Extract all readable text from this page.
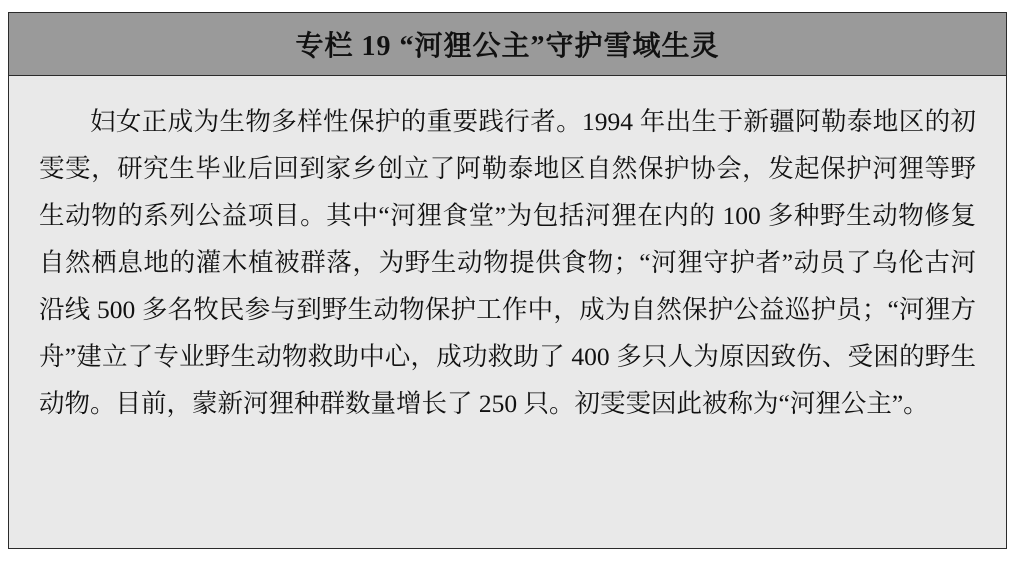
专栏 19 “河狸公主”守护雪域生灵

妇女正成为生物多样性保护的重要践行者。1994 年出生于新疆阿勒泰地区的初雯雯，研究生毕业后回到家乡创立了阿勒泰地区自然保护协会，发起保护河狸等野生动物的系列公益项目。其中“河狸食堂”为包括河狸在内的 100 多种野生动物修复自然栖息地的灌木植被群落，为野生动物提供食物；“河狸守护者”动员了乌伦古河沿线 500 多名牧民参与到野生动物保护工作中，成为自然保护公益巡护员；“河狸方舟”建立了专业野生动物救助中心，成功救助了 400 多只人为原因致伤、受困的野生动物。目前，蒙新河狸种群数量增长了 250 只。初雯雯因此被称为“河狸公主”。
